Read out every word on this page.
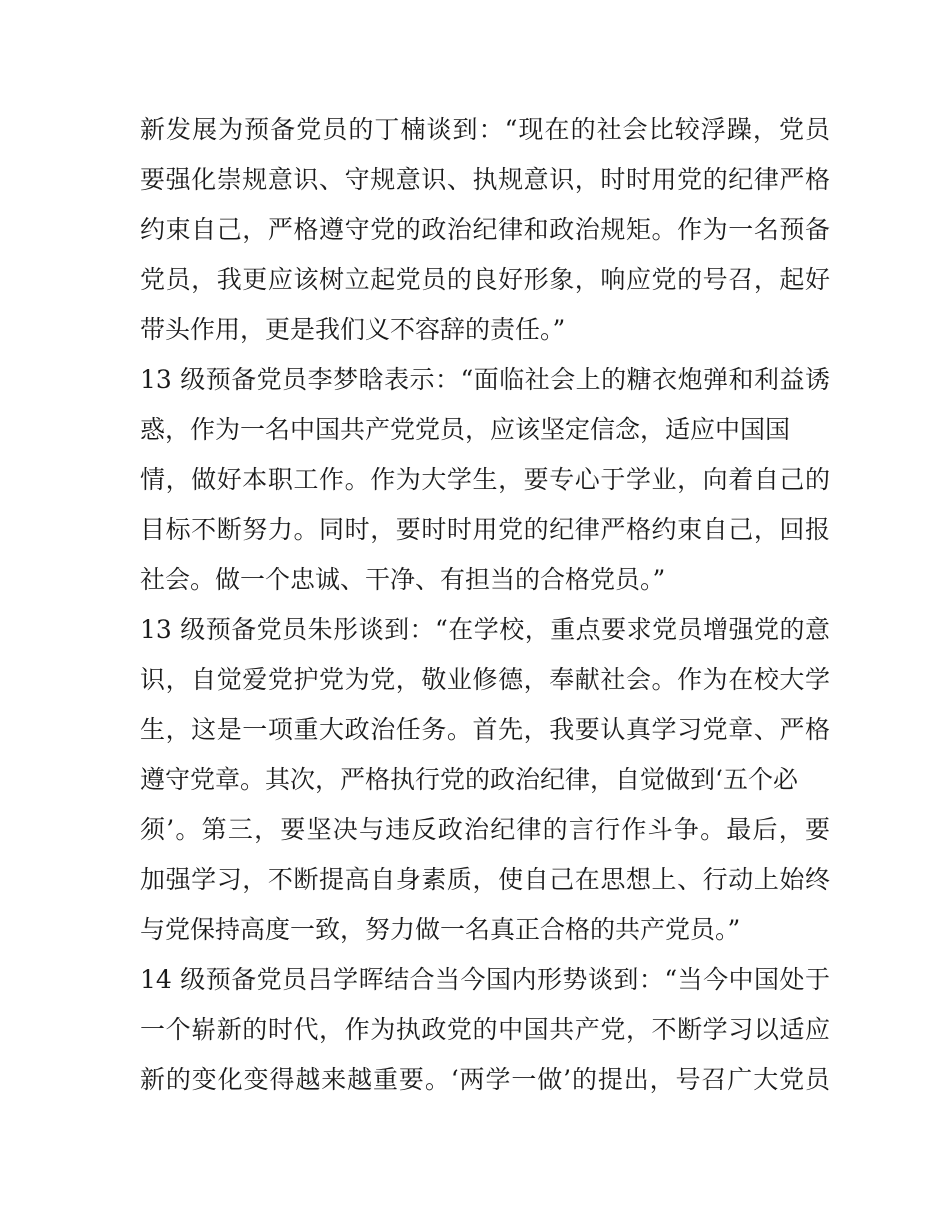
新发展为预备党员的丁楠谈到：“现在的社会比较浮躁，党员
要强化崇规意识、守规意识、执规意识，时时用党的纪律严格
约束自己，严格遵守党的政治纪律和政治规矩。作为一名预备
党员，我更应该树立起党员的良好形象，响应党的号召，起好
带头作用，更是我们义不容辞的责任。”
13 级预备党员李梦晗表示：“面临社会上的糖衣炮弹和利益诱
惑，作为一名中国共产党党员，应该坚定信念，适应中国国
情，做好本职工作。作为大学生，要专心于学业，向着自己的
目标不断努力。同时，要时时用党的纪律严格约束自己，回报
社会。做一个忠诚、干净、有担当的合格党员。”
13 级预备党员朱彤谈到：“在学校，重点要求党员增强党的意
识，自觉爱党护党为党，敬业修德，奉献社会。作为在校大学
生，这是一项重大政治任务。首先，我要认真学习党章、严格
遵守党章。其次，严格执行党的政治纪律，自觉做到‘五个必
须’。第三，要坚决与违反政治纪律的言行作斗争。最后，要
加强学习，不断提高自身素质，使自己在思想上、行动上始终
与党保持高度一致，努力做一名真正合格的共产党员。”
14 级预备党员吕学晖结合当今国内形势谈到：“当今中国处于
一个崭新的时代，作为执政党的中国共产党，不断学习以适应
新的变化变得越来越重要。‘两学一做’的提出，号召广大党员
